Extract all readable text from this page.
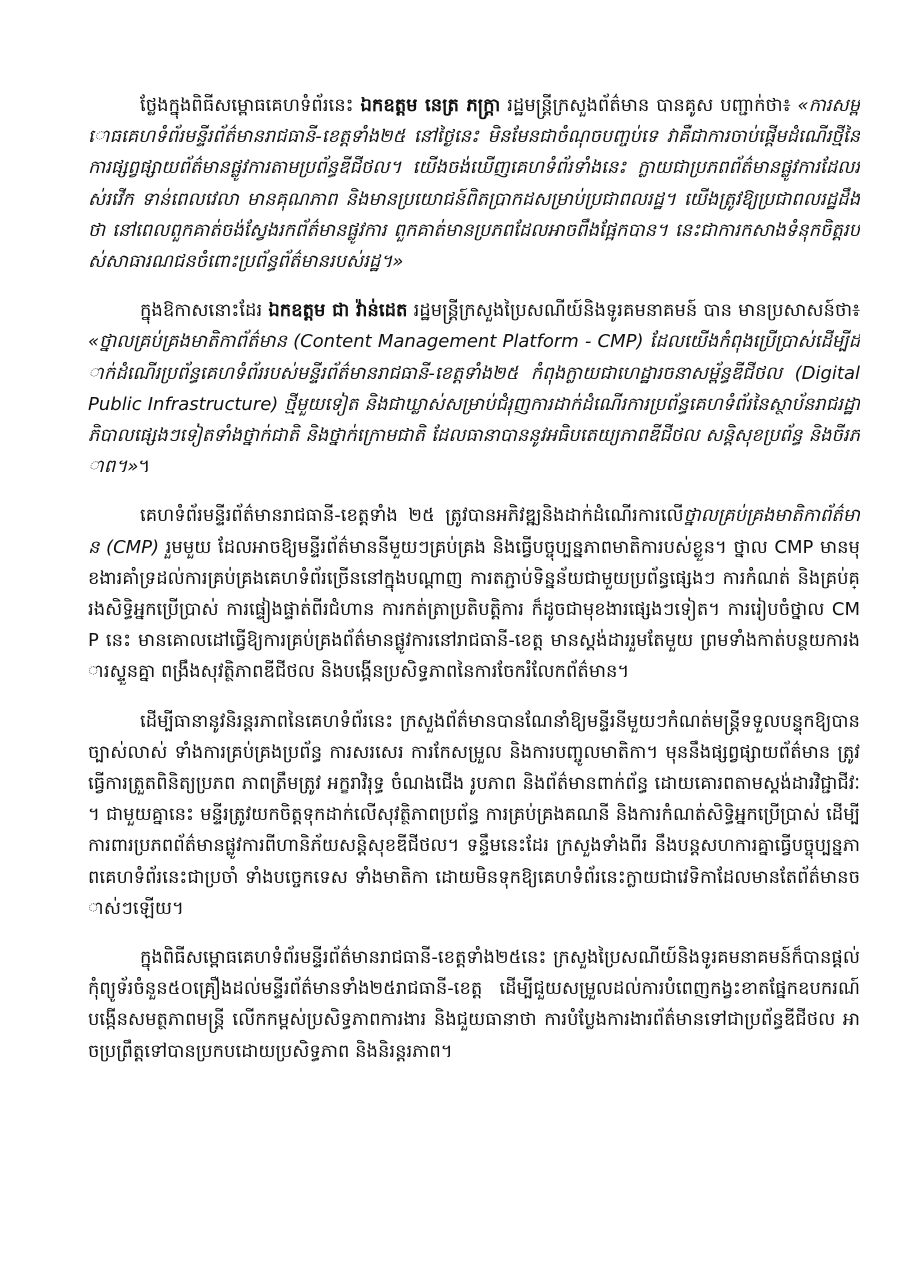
ថ្លែងក្នុងពិធីសម្ពោធគេហទំព័រនេះ ឯកឧត្តម នេត្រ ភក្ត្រា រដ្ឋមន្ត្រីក្រសួងព័ត៌មាន បានគូស បញ្ជាក់ថា៖ «ការសម្ពោធគេហទំព័រមន្ទីរព័ត៌មានរាជធានី-ខេត្តទាំង២៥ នៅថ្ងៃនេះ មិនមែនជាចំណុចបញ្ចប់ទេ វាគឺជាការចាប់ផ្តើមដំណើរថ្មីនៃការផ្សព្វផ្សាយព័ត៌មានផ្លូវការតាមប្រព័ន្ធឌីជីថល។ យើងចង់ឃើញគេហទំព័រទាំងនេះ ក្លាយជាប្រភពព័ត៌មានផ្លូវការដែលរស់រវើក ទាន់ពេលវេលា មានគុណភាព និងមានប្រយោជន៍ពិតប្រាកដសម្រាប់ប្រជាពលរដ្ឋ។ យើងត្រូវឱ្យប្រជាពលរដ្ឋដឹងថា នៅពេលពួកគាត់ចង់ស្វែងរកព័ត៌មានផ្លូវការ ពួកគាត់មានប្រភពដែលអាចពឹងផ្អែកបាន។ នេះជាការកសាងទំនុកចិត្តរបស់សាធារណជនចំពោះប្រព័ន្ធព័ត៌មានរបស់រដ្ឋ។»

ក្នុងឱកាសនោះដែរ ឯកឧត្តម ជា វ៉ាន់ដេត រដ្ឋមន្ត្រីក្រសួងប្រៃសណីយ៍និងទូរគមនាគមន៍ បាន មានប្រសាសន៍ថា៖ «ថ្នាលគ្រប់គ្រងមាតិកាព័ត៌មាន (Content Management Platform - CMP) ដែលយើងកំពុងប្រើប្រាស់ដើម្បីដាក់ដំណើរប្រព័ន្ធគេហទំព័ររបស់មន្ទីរព័ត៌មានរាជធានី-ខេត្តទាំង២៥ កំពុងក្លាយជាហេដ្ឋារចនាសម្ព័ន្ធឌីជីថល (Digital Public Infrastructure) ថ្មីមួយទៀត និងជាឃ្លាស់សម្រាប់ជំរុញការដាក់ដំណើរការប្រព័ន្ធគេហទំព័រនៃស្ថាប័នរាជរដ្ឋាភិបាលផ្សេងៗទៀតទាំងថ្នាក់ជាតិ និងថ្នាក់ក្រោមជាតិ ដែលធានាបាននូវអធិបតេយ្យភាពឌីជីថល សន្តិសុខប្រព័ន្ធ និងចីរភាព។»។

គេហទំព័រមន្ទីរព័ត៌មានរាជធានី-ខេត្តទាំង ២៥ ត្រូវបានអភិវឌ្ឍនិងដាក់ដំណើរការលើថ្នាលគ្រប់គ្រងមាតិកាព័ត៌មាន (CMP) រួមមួយ ដែលអាចឱ្យមន្ទីរព័ត៌មាននីមួយៗគ្រប់គ្រង និងធ្វើបច្ចុប្បន្នភាពមាតិការបស់ខ្លួន។ ថ្នាល CMP មានមុខងារគាំទ្រដល់ការគ្រប់គ្រងគេហទំព័រច្រើននៅក្នុងបណ្តាញ ការតភ្ជាប់ទិន្នន័យជាមួយប្រព័ន្ធផ្សេងៗ ការកំណត់ និងគ្រប់គ្រងសិទ្ធិអ្នកប្រើប្រាស់ ការផ្ទៀងផ្ទាត់ពីរជំហាន ការកត់ត្រាប្រតិបត្តិការ ក៏ដូចជាមុខងារផ្សេងៗទៀត។ ការរៀបចំថ្នាល CMP នេះ មានគោលដៅធ្វើឱ្យការគ្រប់គ្រងព័ត៌មានផ្លូវការនៅរាជធានី-ខេត្ត មានស្តង់ដាររួមតែមួយ ព្រមទាំងកាត់បន្ថយការងារស្ទួនគ្នា ពង្រឹងសុវត្ថិភាពឌីជីថល និងបង្កើនប្រសិទ្ធភាពនៃការចែករំលែកព័ត៌មាន។

ដើម្បីធានានូវនិរន្តរភាពនៃគេហទំព័រនេះ ក្រសួងព័ត៌មានបានណែនាំឱ្យមន្ទីរនីមួយៗកំណត់មន្ត្រីទទួលបន្ទុកឱ្យបានច្បាស់លាស់ ទាំងការគ្រប់គ្រងប្រព័ន្ធ ការសរសេរ ការកែសម្រួល និងការបញ្ចូលមាតិកា។ មុននឹងផ្សព្វផ្សាយព័ត៌មាន ត្រូវធ្វើការត្រួតពិនិត្យប្រភព ភាពត្រឹមត្រូវ អក្ខរាវិរុទ្ធ ចំណងជើង រូបភាព និងព័ត៌មានពាក់ព័ន្ធ ដោយគោរពតាមស្តង់ដារវិជ្ជាជីវៈ។ ជាមួយគ្នានេះ មន្ទីរត្រូវយកចិត្តទុកដាក់លើសុវត្ថិភាពប្រព័ន្ធ ការគ្រប់គ្រងគណនី និងការកំណត់សិទ្ធិអ្នកប្រើប្រាស់ ដើម្បីការពារប្រភពព័ត៌មានផ្លូវការពីហានិភ័យសន្តិសុខឌីជីថល។ ទន្ទឹមនេះដែរ ក្រសួងទាំងពីរ នឹងបន្តសហការគ្នាធ្វើបច្ចុប្បន្នភាពគេហទំព័រនេះជាប្រចាំ ទាំងបច្ចេកទេស ទាំងមាតិកា ដោយមិនទុកឱ្យគេហទំព័រនេះក្លាយជាវេទិកាដែលមានតែព័ត៌មានចាស់ៗឡើយ។

ក្នុងពិធីសម្ពោធគេហទំព័រមន្ទីរព័ត៌មានរាជធានី-ខេត្តទាំង២៥នេះ ក្រសួងប្រៃសណីយ៍និងទូរគមនាគមន៍ក៏បានផ្តល់កុំព្យូទ័រចំនួន៥០គ្រឿងដល់មន្ទីរព័ត៌មានទាំង២៥រាជធានី-ខេត្ត ដើម្បីជួយសម្រួលដល់ការបំពេញកង្វះខាតផ្នែកឧបករណ៍ បង្កើនសមត្ថភាពមន្ត្រី លើកកម្ពស់ប្រសិទ្ធភាពការងារ និងជួយធានាថា ការបំប្លែងការងារព័ត៌មានទៅជាប្រព័ន្ធឌីជីថល អាចប្រព្រឹត្តទៅបានប្រកបដោយប្រសិទ្ធភាព និងនិរន្តរភាព។
